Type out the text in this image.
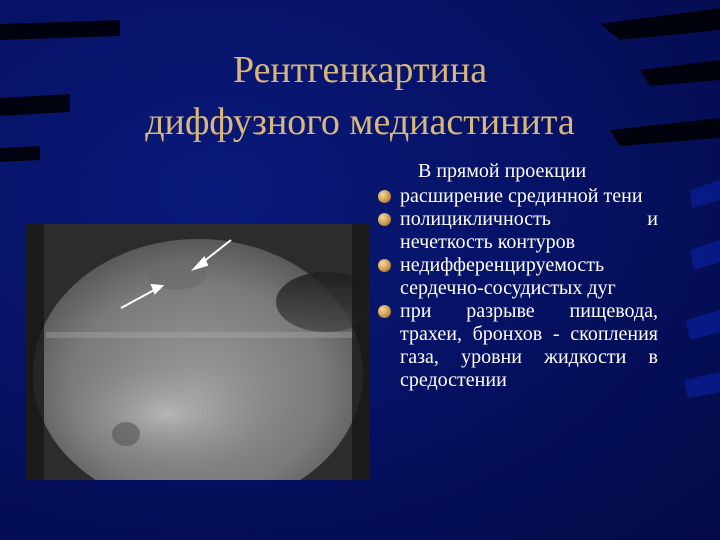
Рентгенкартина
диффузного медиастинита
В прямой проекции
расширение срединной тени
полицикличность и нечеткость контуров
недифференцируемость сердечно-сосудистых дуг
при разрыве пищевода, трахеи, бронхов - скопления газа, уровни жидкости в средостении
